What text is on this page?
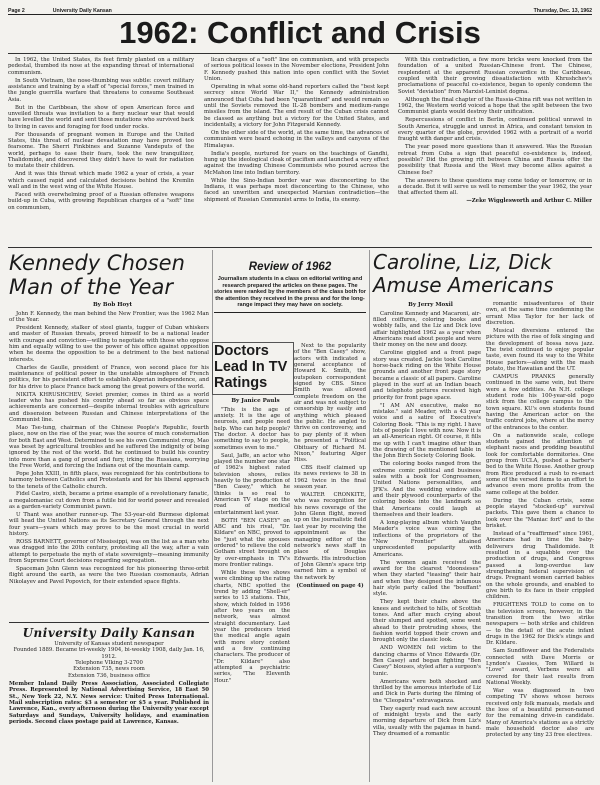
Page 2	University Daily Kansan	Thursday, Dec. 13, 1962
1962: Conflict and Crisis

In 1962, the United States, its feet firmly planted on a military pedestal, thumbed its nose at the expanding threat of international communism.

In South Vietnam, the nose-thumbing was subtle: covert military assistance and training by a staff of "special forces," men trained in the jungle guerrilla warfare that threatens to consume Southeast Asia.

But in the Caribbean, the show of open American force and unveiled threats was invitation to a fiery nuclear war that would have levelled the world and sent those mutations who survived back to living in caves and foraging for food under rocks.

For thousands of pregnant women in Europe and the United States, this threat of nuclear devastation may have proved too fearsome. The Sherri Finkbines and Suzanne Vandeputs of the world, perhaps to ease their fears, took the new tranquilizer, Thalidomide, and discovered they didn't have to wait for radiation to mutate their children.

And it was this threat which made 1962 a year of crisis, a year which caused rapid and calculated decisions behind the Kremlin wall and in the west wing of the White House.

Faced with overwhelming proof of a Russian offensive weapons build-up in Cuba, with growing Republican charges of a "soft" line on communism,

lican charges of a "soft" line on communism, and with prospects of serious political losses in the November elections, President John F. Kennedy pushed this nation into open conflict with the Soviet Union.

Operating in what some old-hand reporters called the "best kept secrecy since World War II," the Kennedy administration announced that Cuba had been "quarantined" and would remain so until the Soviets removed the IL-28 bombers and medium-range missiles from the island. The end result of the Cuban crisis cannot be classed as anything but a victory for the United States, and incidentally, a victory for John Fitzgerald Kennedy.

On the other side of the world, at the same time, the advances of communism were heard echoing in the valleys and canyons of the Himalayas.

India's people, nurtured for years on the teachings of Gandhi, hung up the ideological cloak of pacifism and launched a very effect against the invading Chinese Communists who poured across the McMahon line into Indian territory.

While the Sino-Indian border war was disconcerting to the Indians, it was perhaps most disconcerting to the Chinese, who faced an unwritten and unexpected Marxian contradiction—the shipment of Russian Communist arms to India, its enemy.

With this contradiction, a few more bricks were knocked from the foundation of a united Russian-Chinese front. The Chinese, resplendent at the apparent Russian cowardice in the Caribbean, coupled with their growing dissatisfaction with Khrushchev's proclamations of peaceful co-existence, began to openly condemn the Soviet "deviation" from Marxist-Leninist dogma.

Although the final chapter of the Russia-China rift was not written in 1962, the Western world voiced a hope that the split between the two Communist giants would destroy their unification.

Repercussions of conflict in Berlin, continued political unravel in South America, struggle and unrest in Africa, and constant tension in every quarter of the globe, provided 1962 with a portrait of a world fraught with danger and crisis.

The year posed more questions than it answered. Was the Russian retreat from Cuba a sign that peaceful co-existence is, indeed, possible? Did the growing rift between China and Russia offer the possibility that Russia and the West may become allies against a Chinese foe?

The answers to these questions may come today or tomorrow, or in a decade. But it will serve us well to remember the year 1962, the year that affected them all.

—Zeke Wigglesworth and Arthur C. Miller

Kennedy Chosen Man of the Year

By Bob Hoyt

John F. Kennedy, the man behind the New Frontier, was the 1962 Man of the Year.

President Kennedy, stalker of steel giants, tugger of Cuban whiskers and master of Russian threats, proved himself to be a national leader with courage and conviction—willing to negotiate with those who oppose him and equally willing to use the power of his office against opposition when he deems the opposition to be a detriment to the best national interests.

Charles de Gaulle, president of France, won second place for his maintenance of political power in the unstable atmosphere of French politics, for his persistent effort to establish Algerian independence, and for his drive to place France back among the great powers of the world.

NIKITA KHRUSHCHEV, Soviet premier, comes in third as a world leader who has pushed his country ahead so far as obvious space achievements are concerned—despite internal troubles with agriculture and dissension between Russian and Chinese interpretations of the Communist line.

Mao Tse-tung, chairman of the Chinese People's Republic, fourth place, now on the rise of the year, was the source of much consternation for both East and West. Determined to see his own Communist crop, Mao was beset by agricultural troubles and he suffered the indignity of being ignored by the rest of the world. But he continued to build his country into more than a gang of proud and fury, irking the Russians, worrying the Free World, and forcing the Indians out of the mountain camp.

Pope John XXIII, in fifth place, was recognized for his contributions to harmony between Catholics and Protestants and for his liberal approach to the tenets of the Catholic church.

Fidel Castro, sixth, became a prime example of a revolutionary fanatic, a megalomaniac cut down from a futile bid for world power and revealed as a garden-variety Communist pawn.

U Thant was another runner-up. The 53-year-old Burmese diplomat will head the United Nations as its Secretary General through the next four years—years which may prove to be the most crucial in world history.

ROSS BARNETT, governor of Mississippi, was on the list as a man who was dragged into the 20th century, protesting all the way, after a vain attempt to perpetuate the myth of state sovereignty—meaning immunity from Supreme Court decisions regarding segregation.

Spaceman John Glenn was recognized for his pioneering three-orbit flight around the earth, as were the two Russian cosmonauts, Adrian Nikolayev and Pavel Popovich, for their extended space flights.

University Daily Kansan
University of Kansas student newspaper
Founded 1889. Became tri-weekly 1904, bi-weekly 1908, daily Jan. 16, 1912.
Telephone VIking 3-2700
Extension 735, news room
Extension 736, business office

Member Inland Daily Press Association, Associated Collegiate Press. Represented by National Advertising Service, 18 East 50 St., New York 22, N.Y. News service: United Press International. Mail subscription rates: $3 a semester or $5 a year. Published in Lawrence, Kan., every afternoon during the University year except Saturdays and Sundays, University holidays, and examination periods. Second class postage paid at Lawrence, Kansas.

Review of 1962
Journalism students in a class on editorial writing and research prepared the articles on these pages. The stories were ranked by the members of the class both for the attention they received in the press and for the long-range impact they may have on society.
Doctors Lead In TV Ratings

By Janice Pauls

"This is the age of anxiety. It is the age of neurosis, and people need help. Who can help people? The doctor. A doctor has something to say to people, sometimes even to me."

Saul, Jaffe, an actor who played the number one star of 1962's highest rated television shows, relies heavily to the production of "Ben Casey," which he thinks is so real to American TV stage on the road of medical entertainment last year.

BOTH "BEN CASEY" on ABC and his rival, "Dr. Kildare" on NBC, proved to be "just what the spouses ordered" to relieve the cold Gotham street brought on by over-emphasis in TV's more frontier ratings.

While these two shows were climbing up the rating charts, NBC spotted the trend by adding "Shell-er" series to 13 stations. This, show, which folded in 1956 after two years on the network, was almost straight documentary. Last year the producers tried the medical angle again with more story content and a few continuing characters. The producer of "Dr. Kildare" also attempted a psychiatric series, "The Eleventh Hour."

Next to the popularity of the "Ben Casey" show, actors with indicated a general acceptance of Howard K. Smith, the outspoken correspondent signed by CBS. Since Smith was allowed complete freedom on the air and was not subject to censorship by easily and anything which pleased the public. He angled to thrive on controversy, and to pay plenty of it when he presented a "Political Obituary of Richard M. Nixon," featuring Alger Hiss.

CBS itself claimed up its news reviews to 38 in 1962 twice in the final season year.

WALTER CRONKITE, who was recognition for his news coverage of the John Glenn flight, moved up on the journalistic field last year by receiving the appointment as the managing editor of the network's news staff in place of Douglas Edwards. His introduction of John Glenn's space trip earned him a symbol of the network by

(Continued on page 4)

Caroline, Liz, Dick Amuse Americans

By Jerry Moxil

Caroline Kennedy and Macaroni, air-filled coiffures, coloring books and wobbly falls, and the Liz and Dick love affair highlighted 1962 as a year when Americans read about people and were their money on the new and doozy.

Caroline giggled and a front page story was created. Jackie took Caroline horse-back riding on the White House grounds and another front page story became a classic of all papers. Caroline played in the surf at an Indian beach and telephoto pictures received high priority for front page space.

"I AM AN executive, make no mistake." said Meader, with a 43 year voice and a satire of Executive's Coloring Book. "This is my right. I have lots of people I love with now. Now it is an all-American right. Of course, it fills me up with I can't imagine other than the drawing of the mentioned table in the John Birch Society Coloring Book.

The coloring books ranged from the extreme comic political and business sales with a book for Congressmen, United Nations personalities, and JFK's. And the wedding window sills and their plywood counterparts of the coloring books into the landmark so that Americans could laugh at themselves and their leaders.

A long-playing album which Vaughn Meader's voice was coming the inflections of the proprietors of the "New Frontier" attained unprecedented popularity with Americans.

The women again received the award for the clearest "doonsieses" when they started "teasing" their hair and when they designed the infamous hair style party called the "bouffant" style.

They kept their chairs above the knees and switched to hills, of Scottish tones. And after much crying about their slumped and spotted, some went ahead to their protruding shoes, the fashion world topped their crown and brought only the classic look.

AND WOMEN fell victim to the dancing charms of Vince Edwards (Dr. Ben Casey) and began fighting "Ben Casey" blouses, styled after a surgeon's tunic.

Americans were both shocked and thrilled by the amorous interlude of Liz and Dick in Paris during the filming of the "Cleopatra" extravaganza.

They eagerly read each new account of midnight trysts and the early morning departure of Dick from Liz's villa, usually with the pajamas in hand. They dreamed of a romantic

romantic misadventures of their own, at the same time condemning the errant Miss Taylor for her lack of discretion.

Musical diversions entered the picture with the rise of folk singing and the development of bossa nova jazz. The twist continued to enjoy popular taste, even found its way to the White House parlors—along with the mash potato, the Hawaiian and the UT.

CAMPUS PRANKS generally continued in the same vein, but there were a few oddities. An N.H. college student rode his 100-year-old pogo stick from the college campus to the town square. KU's own students found having the American actor on the traffic control jobs, where at the mercy of the entrances to the center.

On a nationwide scale, college students gained the attention of elephant races and prodding beautiful look for comfortable dormitories. One group from UCLA, pushed a barber's bed to the White House. Another group from Rice produced a rush to re-enact some of the versed items to an effort to advance even more profits from the same college at the bolder.

During the Cuban crisis, some people stayed "stocked-up" survival packets. This gave them a chance to look over the "Maniac fort" and to the brisket.

Instead of a "reaffirmed" since 1961, Americans had in time the baby-deliverers drug Thalidomide. It resulted in a squabble over the production of drugs, and Congress passed a long-overdue law strengthening federal supervision of drugs. Pregnant women carried babies on the whole grounds, and enabled to give birth to its face in their crippled children.

FRIGHTENS TOLD to come on to the television screen, however, in the transition from the two strike newspapers — both strike and children — to the detail of the acute infant drugs in the 1962 for Dick's stings and Dr. Kildare.

Sam Sundflower and the Federalists connected with Dave Morris or Lyndon's Cassies, Tom Willard is "Love" award, Verbens were all covered for their last results from National Weekly.

War was diagnosed in two competing TV shows whose heroes received only folk manuals, medals and the loss of a beautiful person-named for the remaining drive-in candidate. Many of America's stations as a strictly male household doctor also are protected by any tiny 23 free electives.
